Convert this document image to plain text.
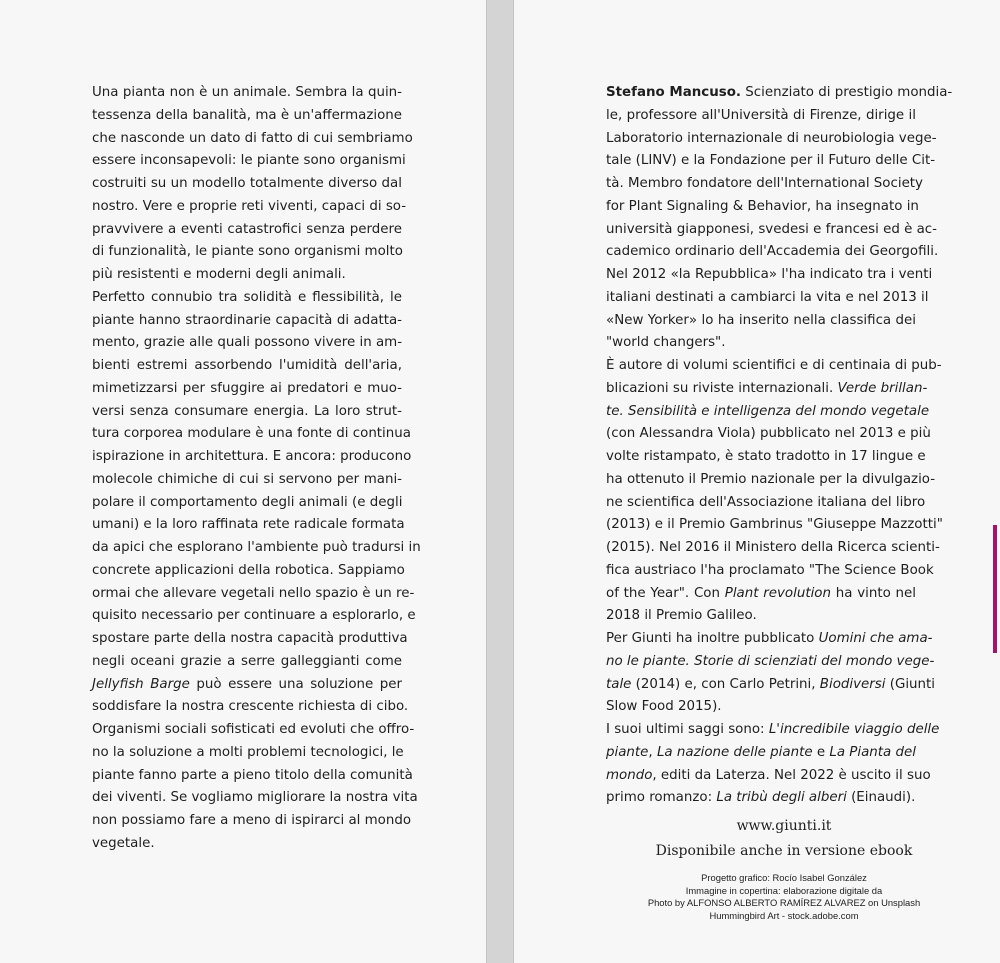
Una pianta non è un animale. Sembra la quin-
tessenza della banalità, ma è un'affermazione
che nasconde un dato di fatto di cui sembriamo
essere inconsapevoli: le piante sono organismi
costruiti su un modello totalmente diverso dal
nostro. Vere e proprie reti viventi, capaci di so-
pravvivere a eventi catastrofici senza perdere
di funzionalità, le piante sono organismi molto
più resistenti e moderni degli animali.

Perfetto connubio tra solidità e flessibilità, le
piante hanno straordinarie capacità di adatta-
mento, grazie alle quali possono vivere in am-
bienti estremi assorbendo l'umidità dell'aria,
mimetizzarsi per sfuggire ai predatori e muo-
versi senza consumare energia. La loro strut-
tura corporea modulare è una fonte di continua
ispirazione in architettura. E ancora: producono
molecole chimiche di cui si servono per mani-
polare il comportamento degli animali (e degli
umani) e la loro raffinata rete radicale formata
da apici che esplorano l'ambiente può tradursi in
concrete applicazioni della robotica. Sappiamo
ormai che allevare vegetali nello spazio è un re-
quisito necessario per continuare a esplorarlo, e
spostare parte della nostra capacità produttiva
negli oceani grazie a serre galleggianti come
Jellyfish Barge può essere una soluzione per
soddisfare la nostra crescente richiesta di cibo.

Organismi sociali sofisticati ed evoluti che offro-
no la soluzione a molti problemi tecnologici, le
piante fanno parte a pieno titolo della comunità
dei viventi. Se vogliamo migliorare la nostra vita
non possiamo fare a meno di ispirarci al mondo
vegetale.

Stefano Mancuso. Scienziato di prestigio mondia-
le, professore all'Università di Firenze, dirige il
Laboratorio internazionale di neurobiologia vege-
tale (LINV) e la Fondazione per il Futuro delle Cit-
tà. Membro fondatore dell'International Society
for Plant Signaling & Behavior, ha insegnato in
università giapponesi, svedesi e francesi ed è ac-
cademico ordinario dell'Accademia dei Georgofili.
Nel 2012 «la Repubblica» l'ha indicato tra i venti
italiani destinati a cambiarci la vita e nel 2013 il
«New Yorker» lo ha inserito nella classifica dei
"world changers".

È autore di volumi scientifici e di centinaia di pub-
blicazioni su riviste internazionali. Verde brillan-
te. Sensibilità e intelligenza del mondo vegetale
(con Alessandra Viola) pubblicato nel 2013 e più
volte ristampato, è stato tradotto in 17 lingue e
ha ottenuto il Premio nazionale per la divulgazio-
ne scientifica dell'Associazione italiana del libro
(2013) e il Premio Gambrinus "Giuseppe Mazzotti"
(2015). Nel 2016 il Ministero della Ricerca scienti-
fica austriaco l'ha proclamato "The Science Book
of the Year". Con Plant revolution ha vinto nel
2018 il Premio Galileo.

Per Giunti ha inoltre pubblicato Uomini che ama-
no le piante. Storie di scienziati del mondo vege-
tale (2014) e, con Carlo Petrini, Biodiversi (Giunti
Slow Food 2015).

I suoi ultimi saggi sono: L'incredibile viaggio delle
piante, La nazione delle piante e La Pianta del
mondo, editi da Laterza. Nel 2022 è uscito il suo
primo romanzo: La tribù degli alberi (Einaudi).

www.giunti.it
Disponibile anche in versione ebook
Progetto grafico: Rocío Isabel González
Immagine in copertina: elaborazione digitale da
Photo by ALFONSO ALBERTO RAMÍREZ ALVAREZ on Unsplash
Hummingbird Art - stock.adobe.com
